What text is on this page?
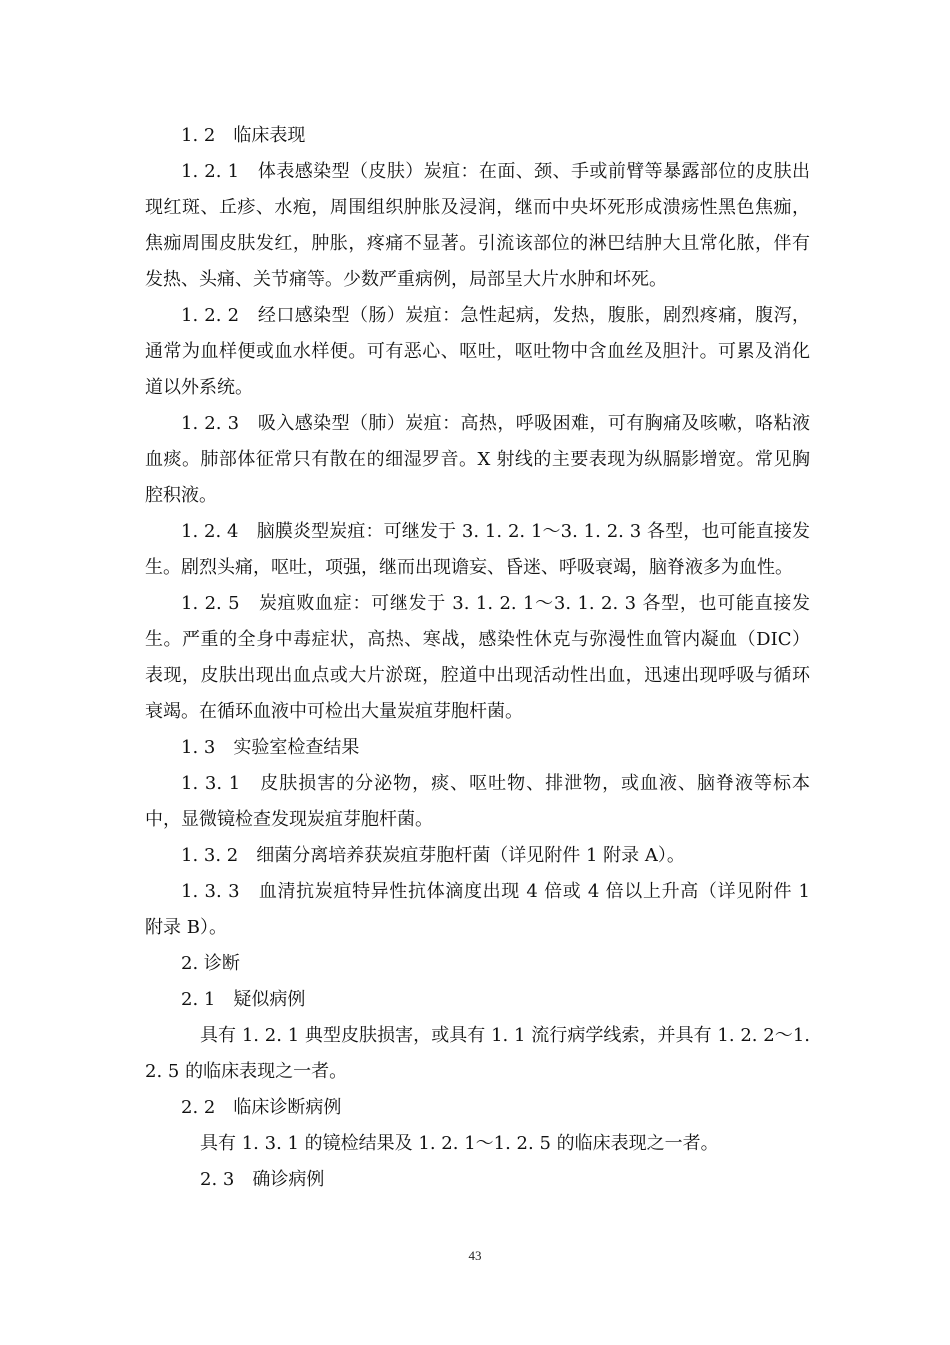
1. 2　临床表现

1. 2. 1　体表感染型（皮肤）炭疽：在面、颈、手或前臂等暴露部位的皮肤出现红斑、丘疹、水疱，周围组织肿胀及浸润，继而中央坏死形成溃疡性黑色焦痂，焦痂周围皮肤发红，肿胀，疼痛不显著。引流该部位的淋巴结肿大且常化脓，伴有发热、头痛、关节痛等。少数严重病例，局部呈大片水肿和坏死。

1. 2. 2　经口感染型（肠）炭疽：急性起病，发热，腹胀，剧烈疼痛，腹泻，通常为血样便或血水样便。可有恶心、呕吐，呕吐物中含血丝及胆汁。可累及消化道以外系统。

1. 2. 3　吸入感染型（肺）炭疽：高热，呼吸困难，可有胸痛及咳嗽，咯粘液血痰。肺部体征常只有散在的细湿罗音。X 射线的主要表现为纵膈影增宽。常见胸腔积液。

1. 2. 4　脑膜炎型炭疽：可继发于 3. 1. 2. 1～3. 1. 2. 3 各型，也可能直接发生。剧烈头痛，呕吐，项强，继而出现谵妄、昏迷、呼吸衰竭，脑脊液多为血性。

1. 2. 5　炭疽败血症：可继发于 3. 1. 2. 1～3. 1. 2. 3 各型，也可能直接发生。严重的全身中毒症状，高热、寒战，感染性休克与弥漫性血管内凝血（DIC）表现，皮肤出现出血点或大片淤斑，腔道中出现活动性出血，迅速出现呼吸与循环衰竭。在循环血液中可检出大量炭疽芽胞杆菌。

1. 3　实验室检查结果

1. 3. 1　皮肤损害的分泌物，痰、呕吐物、排泄物，或血液、脑脊液等标本中，显微镜检查发现炭疽芽胞杆菌。

1. 3. 2　细菌分离培养获炭疽芽胞杆菌（详见附件 1 附录 A）。

1. 3. 3　血清抗炭疽特异性抗体滴度出现 4 倍或 4 倍以上升高（详见附件 1 附录 B）。

2. 诊断

2. 1　疑似病例

具有 1. 2. 1 典型皮肤损害，或具有 1. 1 流行病学线索，并具有 1. 2. 2～1. 2. 5 的临床表现之一者。

2. 2　临床诊断病例

具有 1. 3. 1 的镜检结果及 1. 2. 1～1. 2. 5 的临床表现之一者。

2. 3　确诊病例

43
